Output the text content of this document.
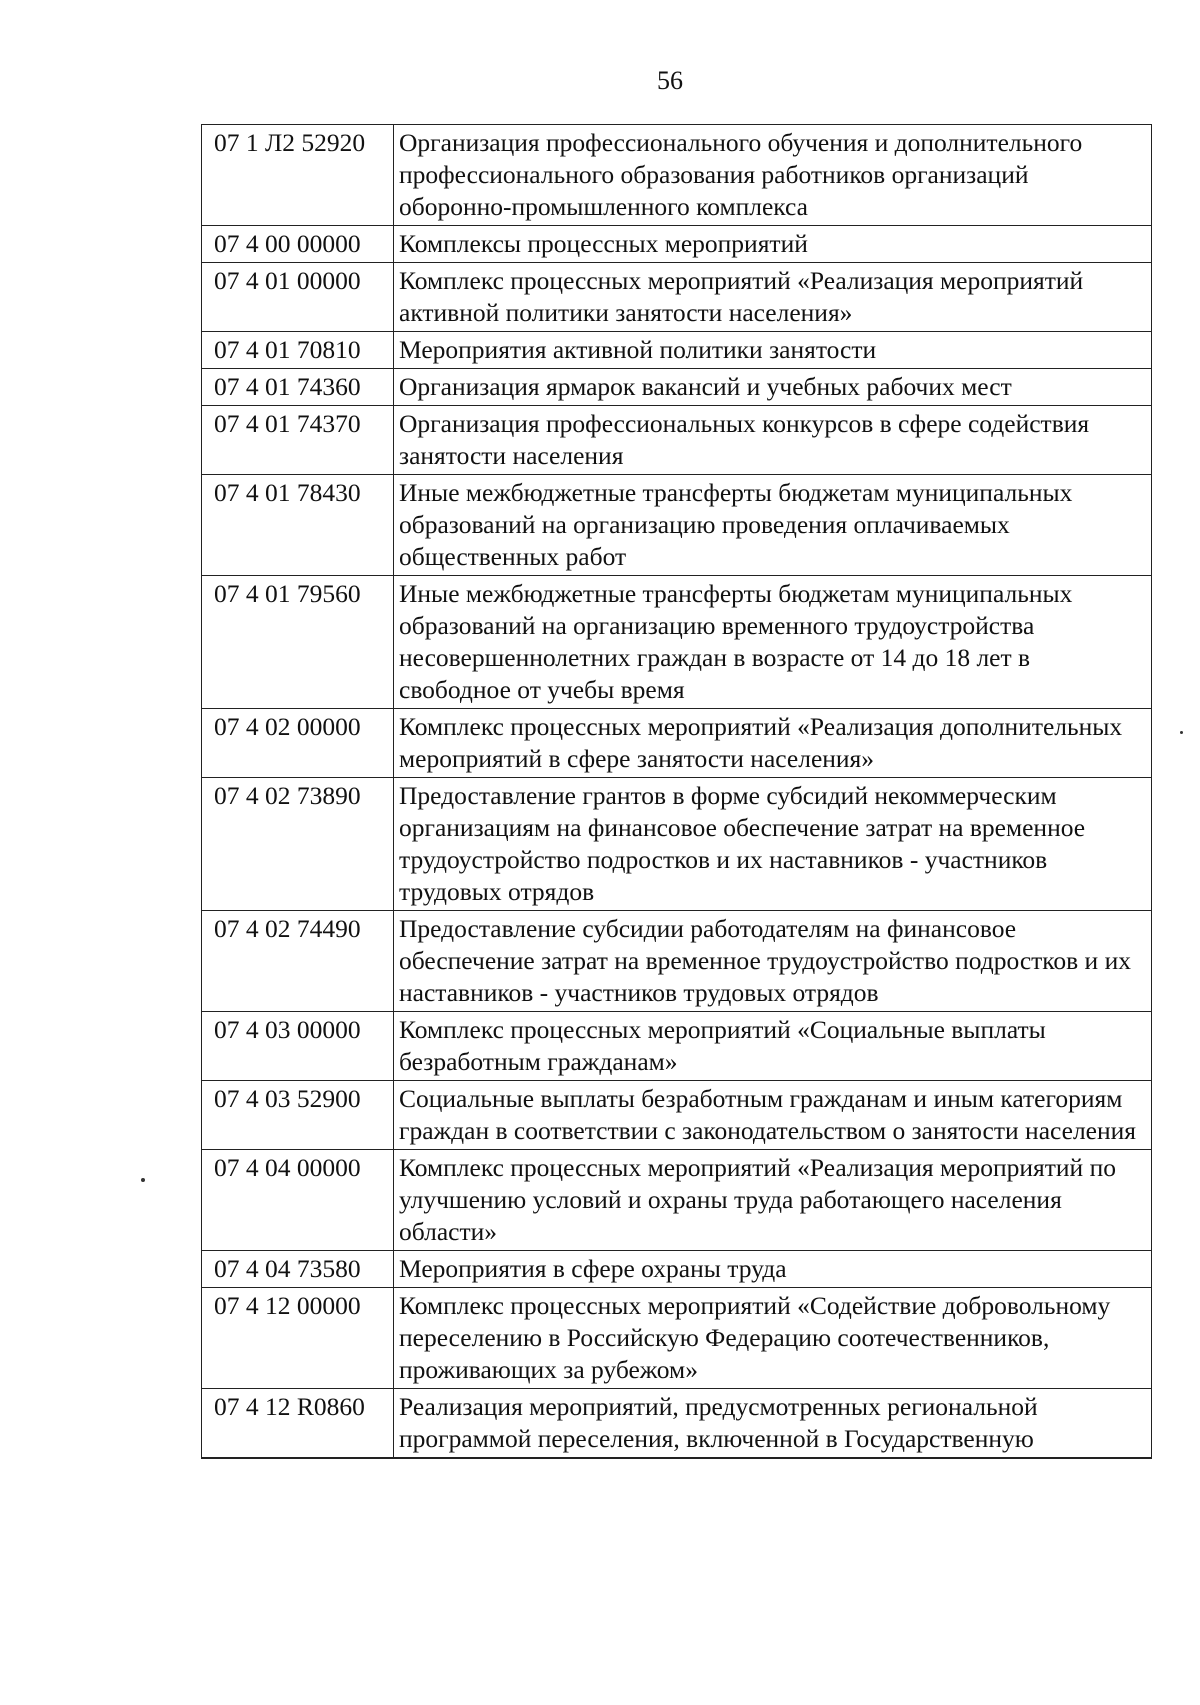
56
07 1 Л2 52920	Организация профессионального обучения и дополнительного профессионального образования работников организаций оборонно-промышленного комплекса
07 4 00 00000	Комплексы процессных мероприятий
07 4 01 00000	Комплекс процессных мероприятий «Реализация мероприятий активной политики занятости населения»
07 4 01 70810	Мероприятия активной политики занятости
07 4 01 74360	Организация ярмарок вакансий и учебных рабочих мест
07 4 01 74370	Организация профессиональных конкурсов в сфере содействия занятости населения
07 4 01 78430	Иные межбюджетные трансферты бюджетам муниципальных образований на организацию проведения оплачиваемых общественных работ
07 4 01 79560	Иные межбюджетные трансферты бюджетам муниципальных образований на организацию временного трудоустройства несовершеннолетних граждан в возрасте от 14 до 18 лет в свободное от учебы время
07 4 02 00000	Комплекс процессных мероприятий «Реализация дополнительных мероприятий в сфере занятости населения»
07 4 02 73890	Предоставление грантов в форме субсидий некоммерческим организациям на финансовое обеспечение затрат на временное трудоустройство подростков и их наставников - участников трудовых отрядов
07 4 02 74490	Предоставление субсидии работодателям на финансовое обеспечение затрат на временное трудоустройство подростков и их наставников - участников трудовых отрядов
07 4 03 00000	Комплекс процессных мероприятий «Социальные выплаты безработным гражданам»
07 4 03 52900	Социальные выплаты безработным гражданам и иным категориям граждан в соответствии с законодательством о занятости населения
07 4 04 00000	Комплекс процессных мероприятий «Реализация мероприятий по улучшению условий и охраны труда работающего населения области»
07 4 04 73580	Мероприятия в сфере охраны труда
07 4 12 00000	Комплекс процессных мероприятий «Содействие добровольному переселению в Российскую Федерацию соотечественников, проживающих за рубежом»
07 4 12 R0860	Реализация мероприятий, предусмотренных региональной программой переселения, включенной в Государственную
